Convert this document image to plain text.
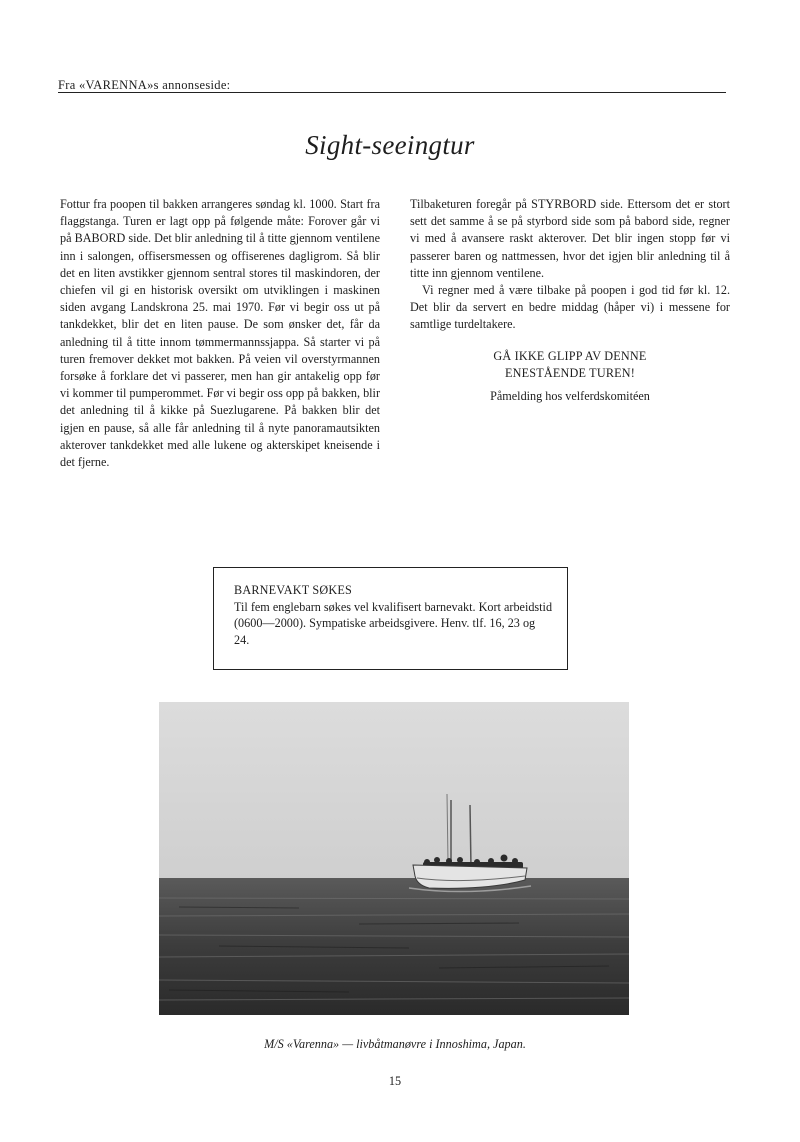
Fra «VARENNA»s annonseside:
Sight-seeingtur

Fottur fra poopen til bakken arrangeres søndag kl. 1000. Start fra flaggstanga. Turen er lagt opp på følgende måte: Forover går vi på BABORD side. Det blir anledning til å titte gjennom ventilene inn i salongen, offisersmessen og offiserenes dagligrom. Så blir det en liten avstikker gjennom sentral stores til maskindoren, der chiefen vil gi en historisk oversikt om utviklingen i maskinen siden avgang Landskrona 25. mai 1970. Før vi begir oss ut på tankdekket, blir det en liten pause. De som ønsker det, får da anledning til å titte innom tømmermannssjappa. Så starter vi på turen fremover dekket mot bakken. På veien vil overstyrmannen forsøke å forklare det vi passerer, men han gir antakelig opp før vi kommer til pumperommet. Før vi begir oss opp på bakken, blir det anledning til å kikke på Suezlugarene. På bakken blir det igjen en pause, så alle får anledning til å nyte panoramautsikten akterover tankdekket med alle lukene og akterskipet kneisende i det fjerne.

Tilbaketuren foregår på STYRBORD side. Ettersom det er stort sett det samme å se på styrbord side som på babord side, regner vi med å avansere raskt akterover. Det blir ingen stopp før vi passerer baren og nattmessen, hvor det igjen blir anledning til å titte inn gjennom ventilene.

Vi regner med å være tilbake på poopen i god tid før kl. 12. Det blir da servert en bedre middag (håper vi) i messene for samtlige turdeltakere.

GÅ IKKE GLIPP AV DENNE
ENESTÅENDE TUREN!
Påmelding hos velferdskomitéen
BARNEVAKT SØKES
Til fem englebarn søkes vel kvalifisert barnevakt. Kort arbeidstid (0600—2000). Sympatiske arbeidsgivere. Henv. tlf. 16, 23 og 24.
M/S «Varenna» — livbåtmanøvre i Innoshima, Japan.
15
